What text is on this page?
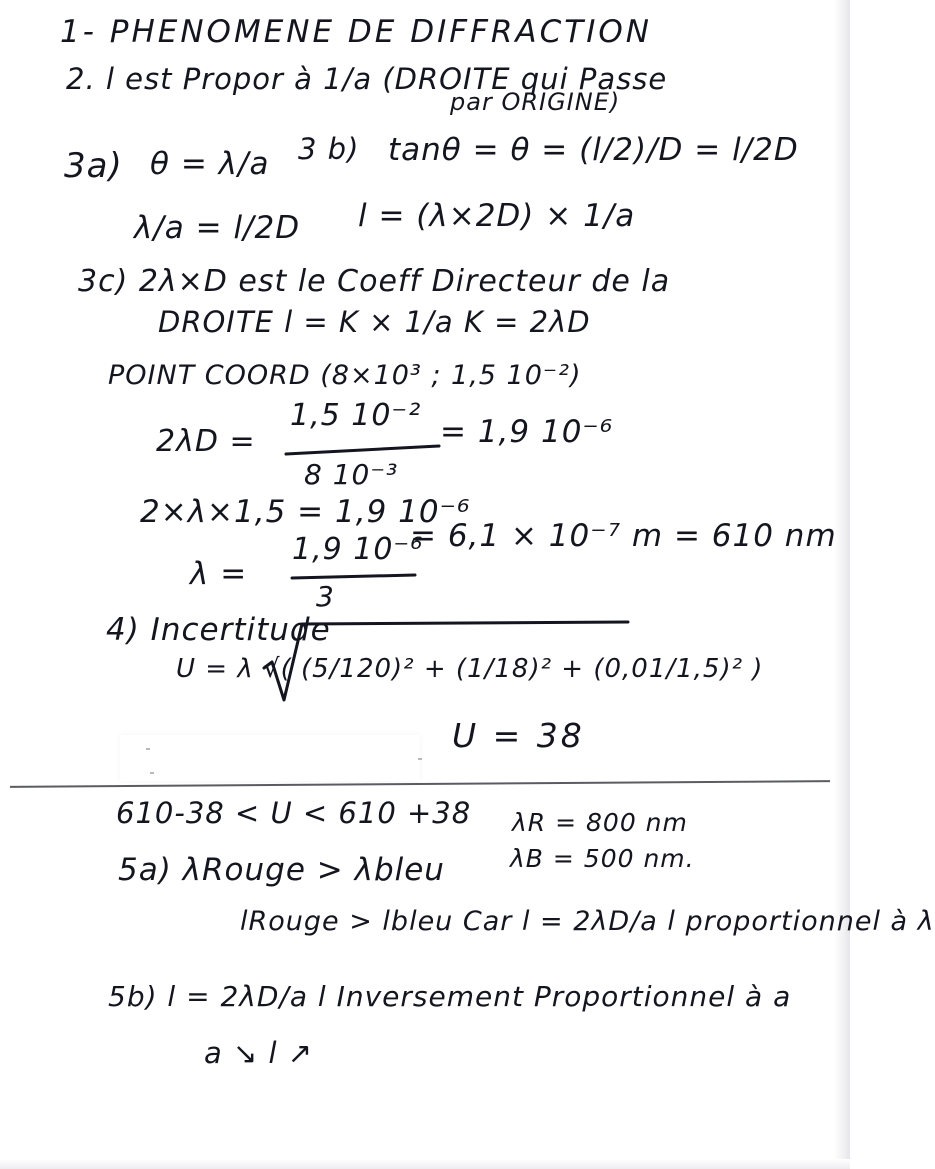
1- PHENOMENE DE DIFFRACTION
2. l est Propor à 1/a (DROITE qui Passe
par ORIGINE)
3a) θ = λ/a 3 b) tanθ = θ = (l/2)/D = l/2D
λ/a = l/2D l = (λ×2D) × 1/a
3c) 2λ×D est le Coeff Directeur de la
DROITE l = K × 1/a K = 2λD
POINT COORD (8×10³ ; 1,5 10⁻²)
2λD =
1,5 10⁻²
8 10⁻³
= 1,9 10⁻⁶
2×λ×1,5 = 1,9 10⁻⁶
λ =
1,9 10⁻⁶
3
= 6,1 × 10⁻⁷ m = 610 nm
4) Incertitude
U = λ √( (5/120)² + (1/18)² + (0,01/1,5)² )
U = 38
610-38 < U < 610 +38 λR = 800 nm
λB = 500 nm.
5a) λRouge > λbleu
lRouge > lbleu Car l = 2λD/a l proportionnel à λ
5b) l = 2λD/a l Inversement Proportionnel à a
a ↘ l ↗
